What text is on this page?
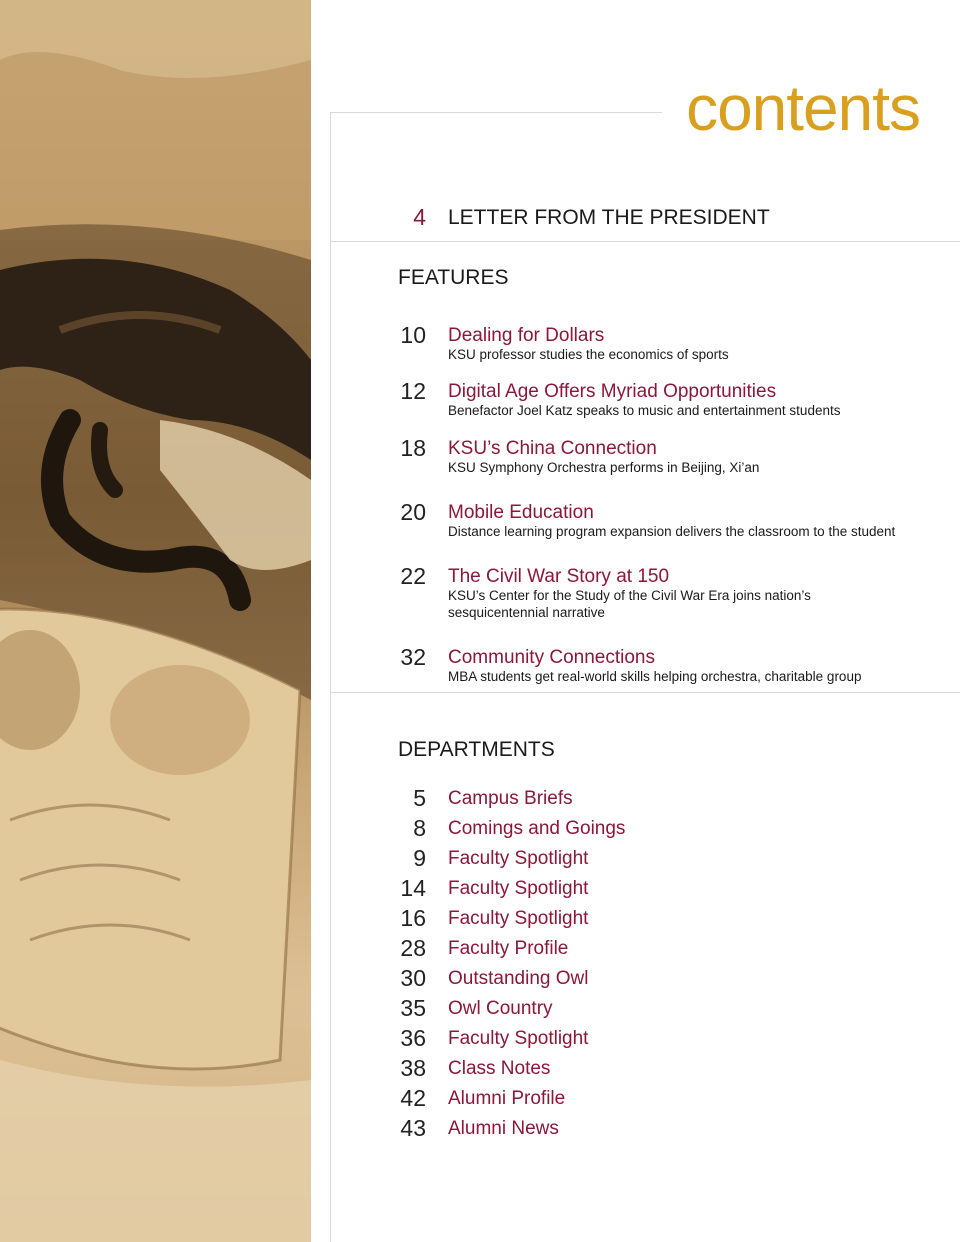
contents
4 LETTER FROM THE PRESIDENT
FEATURES
10 Dealing for Dollars
KSU professor studies the economics of sports
12 Digital Age Offers Myriad Opportunities
Benefactor Joel Katz speaks to music and entertainment students
18 KSU’s China Connection
KSU Symphony Orchestra performs in Beijing, Xi’an
20 Mobile Education
Distance learning program expansion delivers the classroom to the student
22 The Civil War Story at 150
KSU’s Center for the Study of the Civil War Era joins nation’s sesquicentennial narrative
32 Community Connections
MBA students get real-world skills helping orchestra, charitable group
DEPARTMENTS
5 Campus Briefs
8 Comings and Goings
9 Faculty Spotlight
14 Faculty Spotlight
16 Faculty Spotlight
28 Faculty Profile
30 Outstanding Owl
35 Owl Country
36 Faculty Spotlight
38 Class Notes
42 Alumni Profile
43 Alumni News
